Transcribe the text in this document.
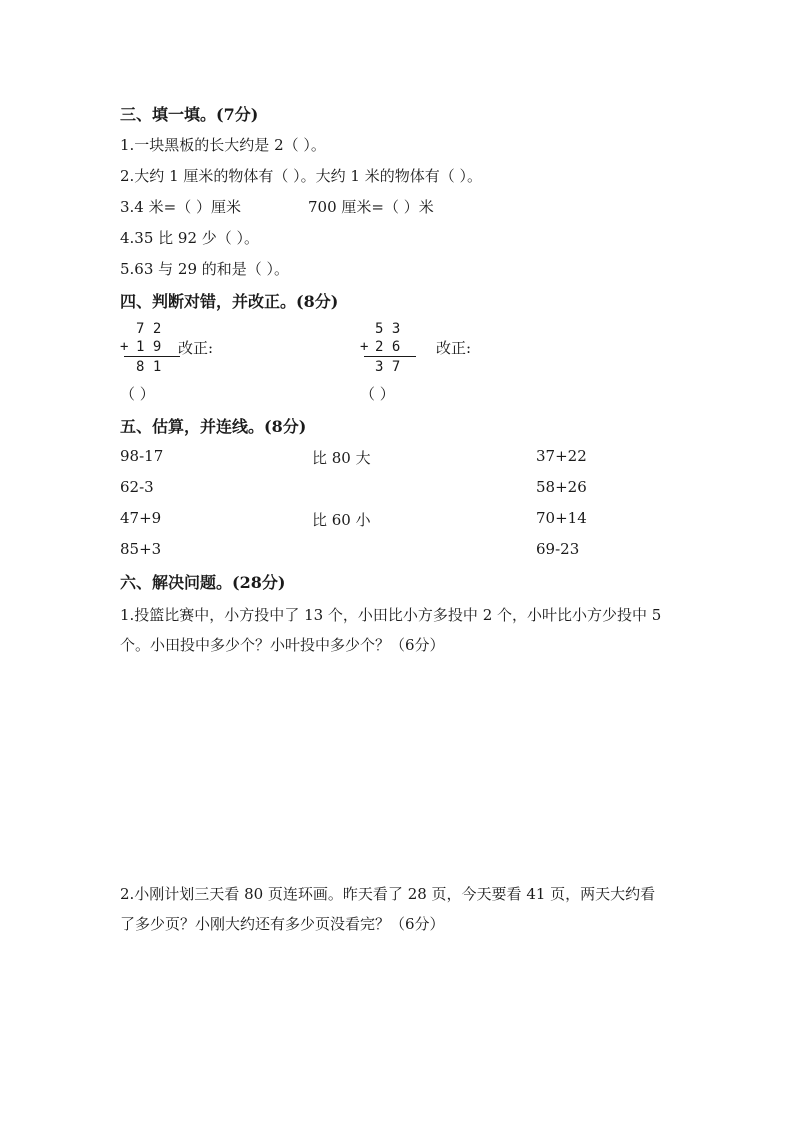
三、填一填。(7分)
1.一块黑板的长大约是 2（ ）。
2.大约 1 厘米的物体有（ ）。大约 1 米的物体有（ ）。
3.4 米=（ ）厘米	700 厘米=（ ）米
4.35 比 92 少（ ）。
5.63 与 29 的和是（ ）。
四、判断对错，并改正。(8分)
7 2
+ 1 9
8 1
改正:
（ ）
5 3
+ 2 6
3 7
改正:
（ ）
五、估算，并连线。(8分)
98-17
62-3
47+9
85+3
比 80 大
比 60 小
37+22
58+26
70+14
69-23
六、解决问题。(28分)
1.投篮比赛中，小方投中了 13 个，小田比小方多投中 2 个，小叶比小方少投中 5
个。小田投中多少个？小叶投中多少个？（6分）
2.小刚计划三天看 80 页连环画。昨天看了 28 页，今天要看 41 页，两天大约看
了多少页？小刚大约还有多少页没看完？（6分）
